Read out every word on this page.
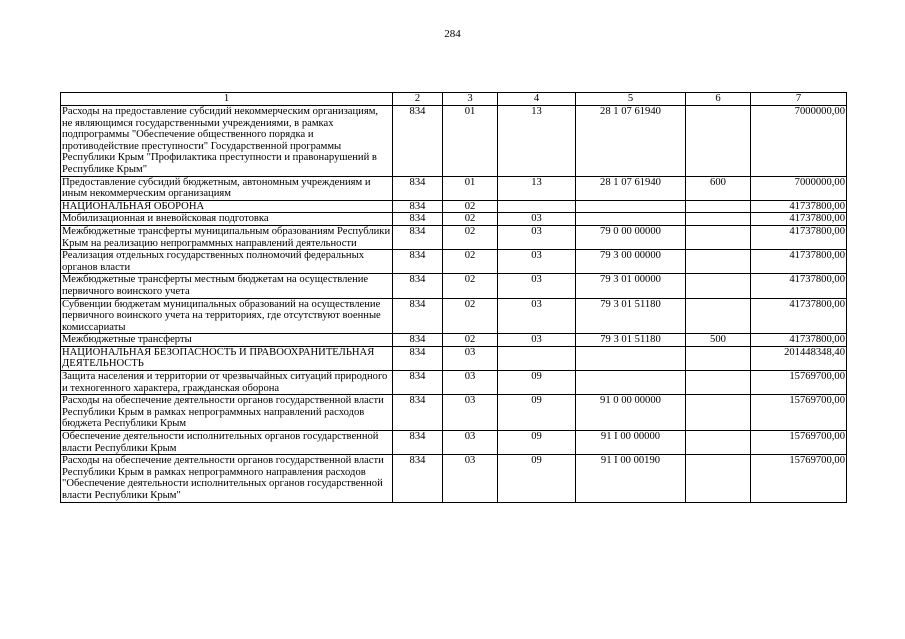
284
1	2	3	4	5	6	7
Расходы на предоставление субсидий некоммерческим организациям, не являющимся государственными учреждениями, в рамках подпрограммы "Обеспечение общественного порядка и противодействие преступности" Государственной программы Республики Крым "Профилактика преступности и правонарушений в Республике Крым"	834	01	13	28 1 07 61940		7000000,00
Предоставление субсидий бюджетным, автономным учреждениям и иным некоммерческим организациям	834	01	13	28 1 07 61940	600	7000000,00
НАЦИОНАЛЬНАЯ ОБОРОНА	834	02				41737800,00
Мобилизационная и вневойсковая подготовка	834	02	03			41737800,00
Межбюджетные трансферты муниципальным образованиям Республики Крым на реализацию непрограммных направлений деятельности	834	02	03	79 0 00 00000		41737800,00
Реализация отдельных государственных полномочий федеральных органов власти	834	02	03	79 3 00 00000		41737800,00
Межбюджетные трансферты местным бюджетам на осуществление первичного воинского учета	834	02	03	79 3 01 00000		41737800,00
Субвенции бюджетам муниципальных образований на осуществление первичного воинского учета на территориях, где отсутствуют военные комиссариаты	834	02	03	79 3 01 51180		41737800,00
Межбюджетные трансферты	834	02	03	79 3 01 51180	500	41737800,00
НАЦИОНАЛЬНАЯ БЕЗОПАСНОСТЬ И ПРАВООХРАНИТЕЛЬНАЯ ДЕЯТЕЛЬНОСТЬ	834	03				201448348,40
Защита населения и территории от чрезвычайных ситуаций природного и техногенного характера, гражданская оборона	834	03	09			15769700,00
Расходы на обеспечение деятельности органов государственной власти Республики Крым в рамках непрограммных направлений расходов бюджета Республики Крым	834	03	09	91 0 00 00000		15769700,00
Обеспечение деятельности исполнительных органов государственной власти Республики Крым	834	03	09	91 I 00 00000		15769700,00
Расходы на обеспечение деятельности органов государственной власти Республики Крым в рамках непрограммного направления расходов "Обеспечение деятельности исполнительных органов государственной власти Республики Крым"	834	03	09	91 I 00 00190		15769700,00
